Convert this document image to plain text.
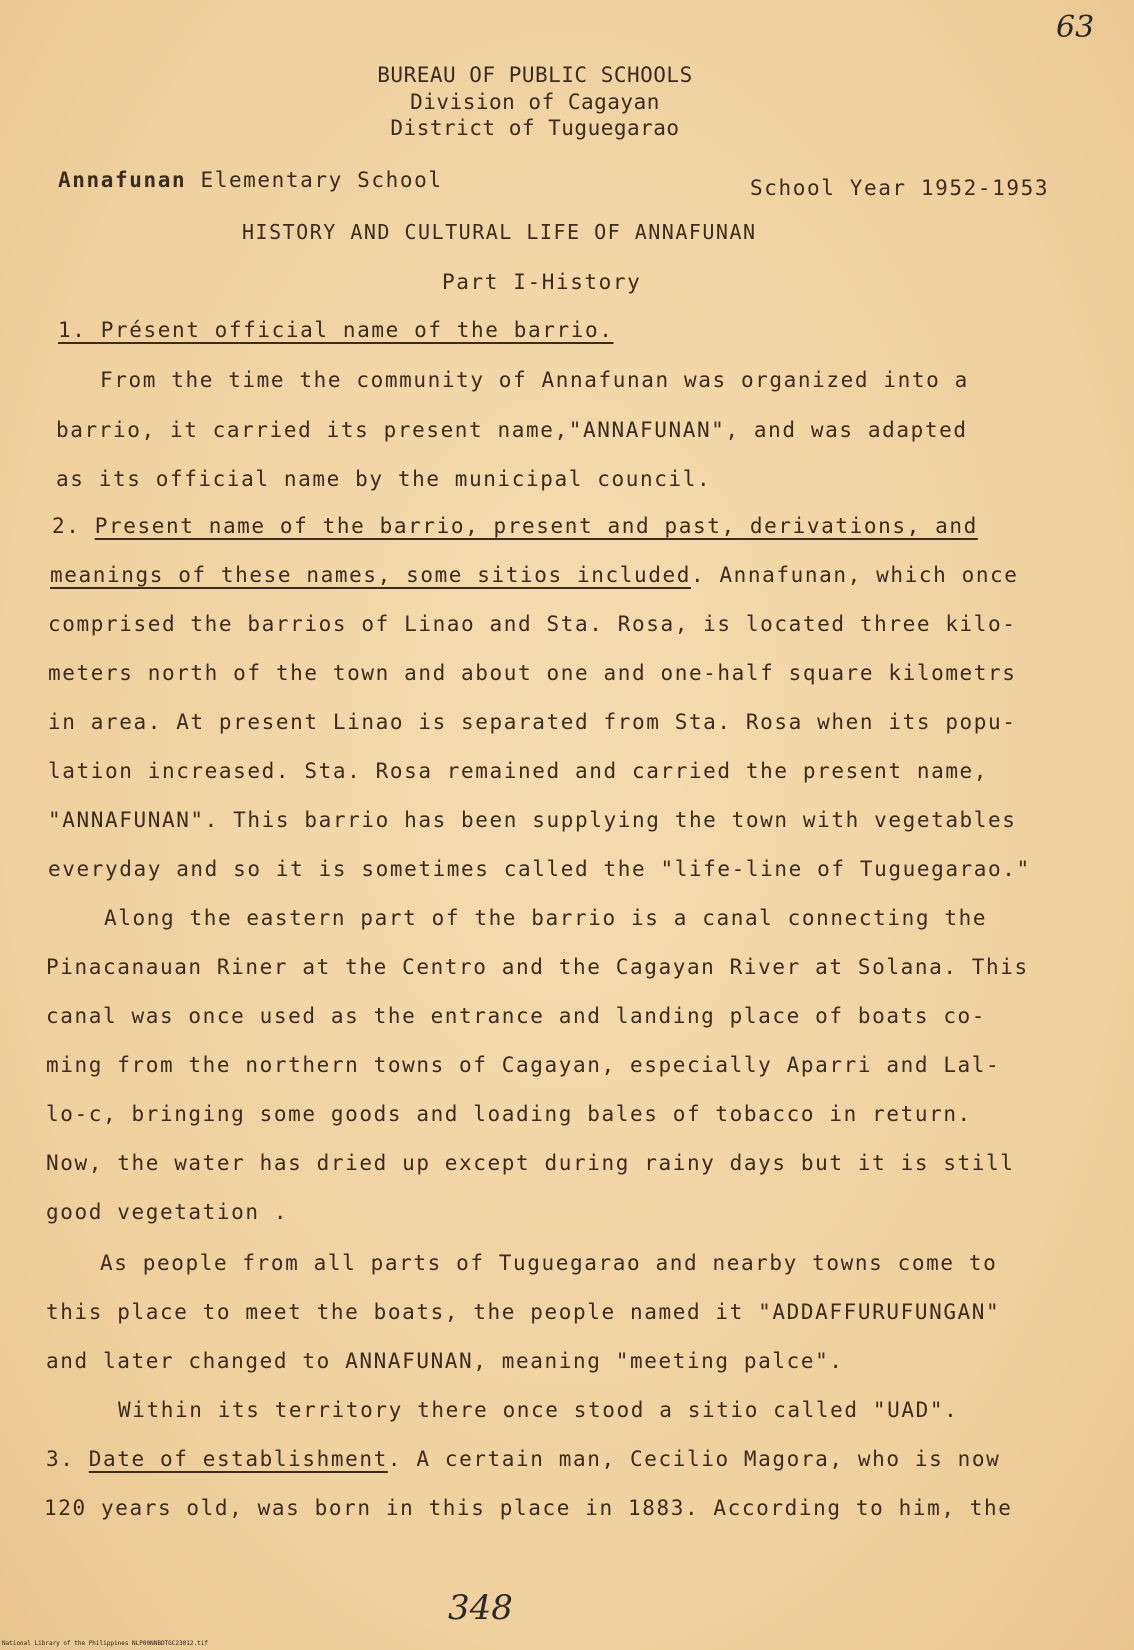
63
BUREAU OF PUBLIC SCHOOLS
Division of Cagayan
District of Tuguegarao
Annafunan Elementary School	School Year 1952-1953
HISTORY AND CULTURAL LIFE OF ANNAFUNAN
Part I-History
1. Présent official name of the barrio.
From the time the community of Annafunan was organized into a
barrio, it carried its present name,"ANNAFUNAN", and was adapted
as its official name by the municipal council.
2. Present name of the barrio, present and past, derivations, and
meanings of these names, some sitios included. Annafunan, which once
comprised the barrios of Linao and Sta. Rosa, is located three kilo-
meters north of the town and about one and one-half square kilometrs
in area. At present Linao is separated from Sta. Rosa when its popu-
lation increased. Sta. Rosa remained and carried the present name,
"ANNAFUNAN". This barrio has been supplying the town with vegetables
everyday and so it is sometimes called the "life-line of Tuguegarao."
Along the eastern part of the barrio is a canal connecting the
Pinacanauan Riner at the Centro and the Cagayan River at Solana. This
canal was once used as the entrance and landing place of boats co-
ming from the northern towns of Cagayan, especially Aparri and Lal-
lo-c, bringing some goods and loading bales of tobacco in return.
Now, the water has dried up except during rainy days but it is still
good vegetation .
As people from all parts of Tuguegarao and nearby towns come to
this place to meet the boats, the people named it "ADDAFFURUFUNGAN"
and later changed to ANNAFUNAN, meaning "meeting palce".
Within its territory there once stood a sitio called "UAD".
3. Date of establishment. A certain man, Cecilio Magora, who is now
120 years old, was born in this place in 1883. According to him, the
348
National Library of the Philippines NLP00NNBDTGC23012.tif
